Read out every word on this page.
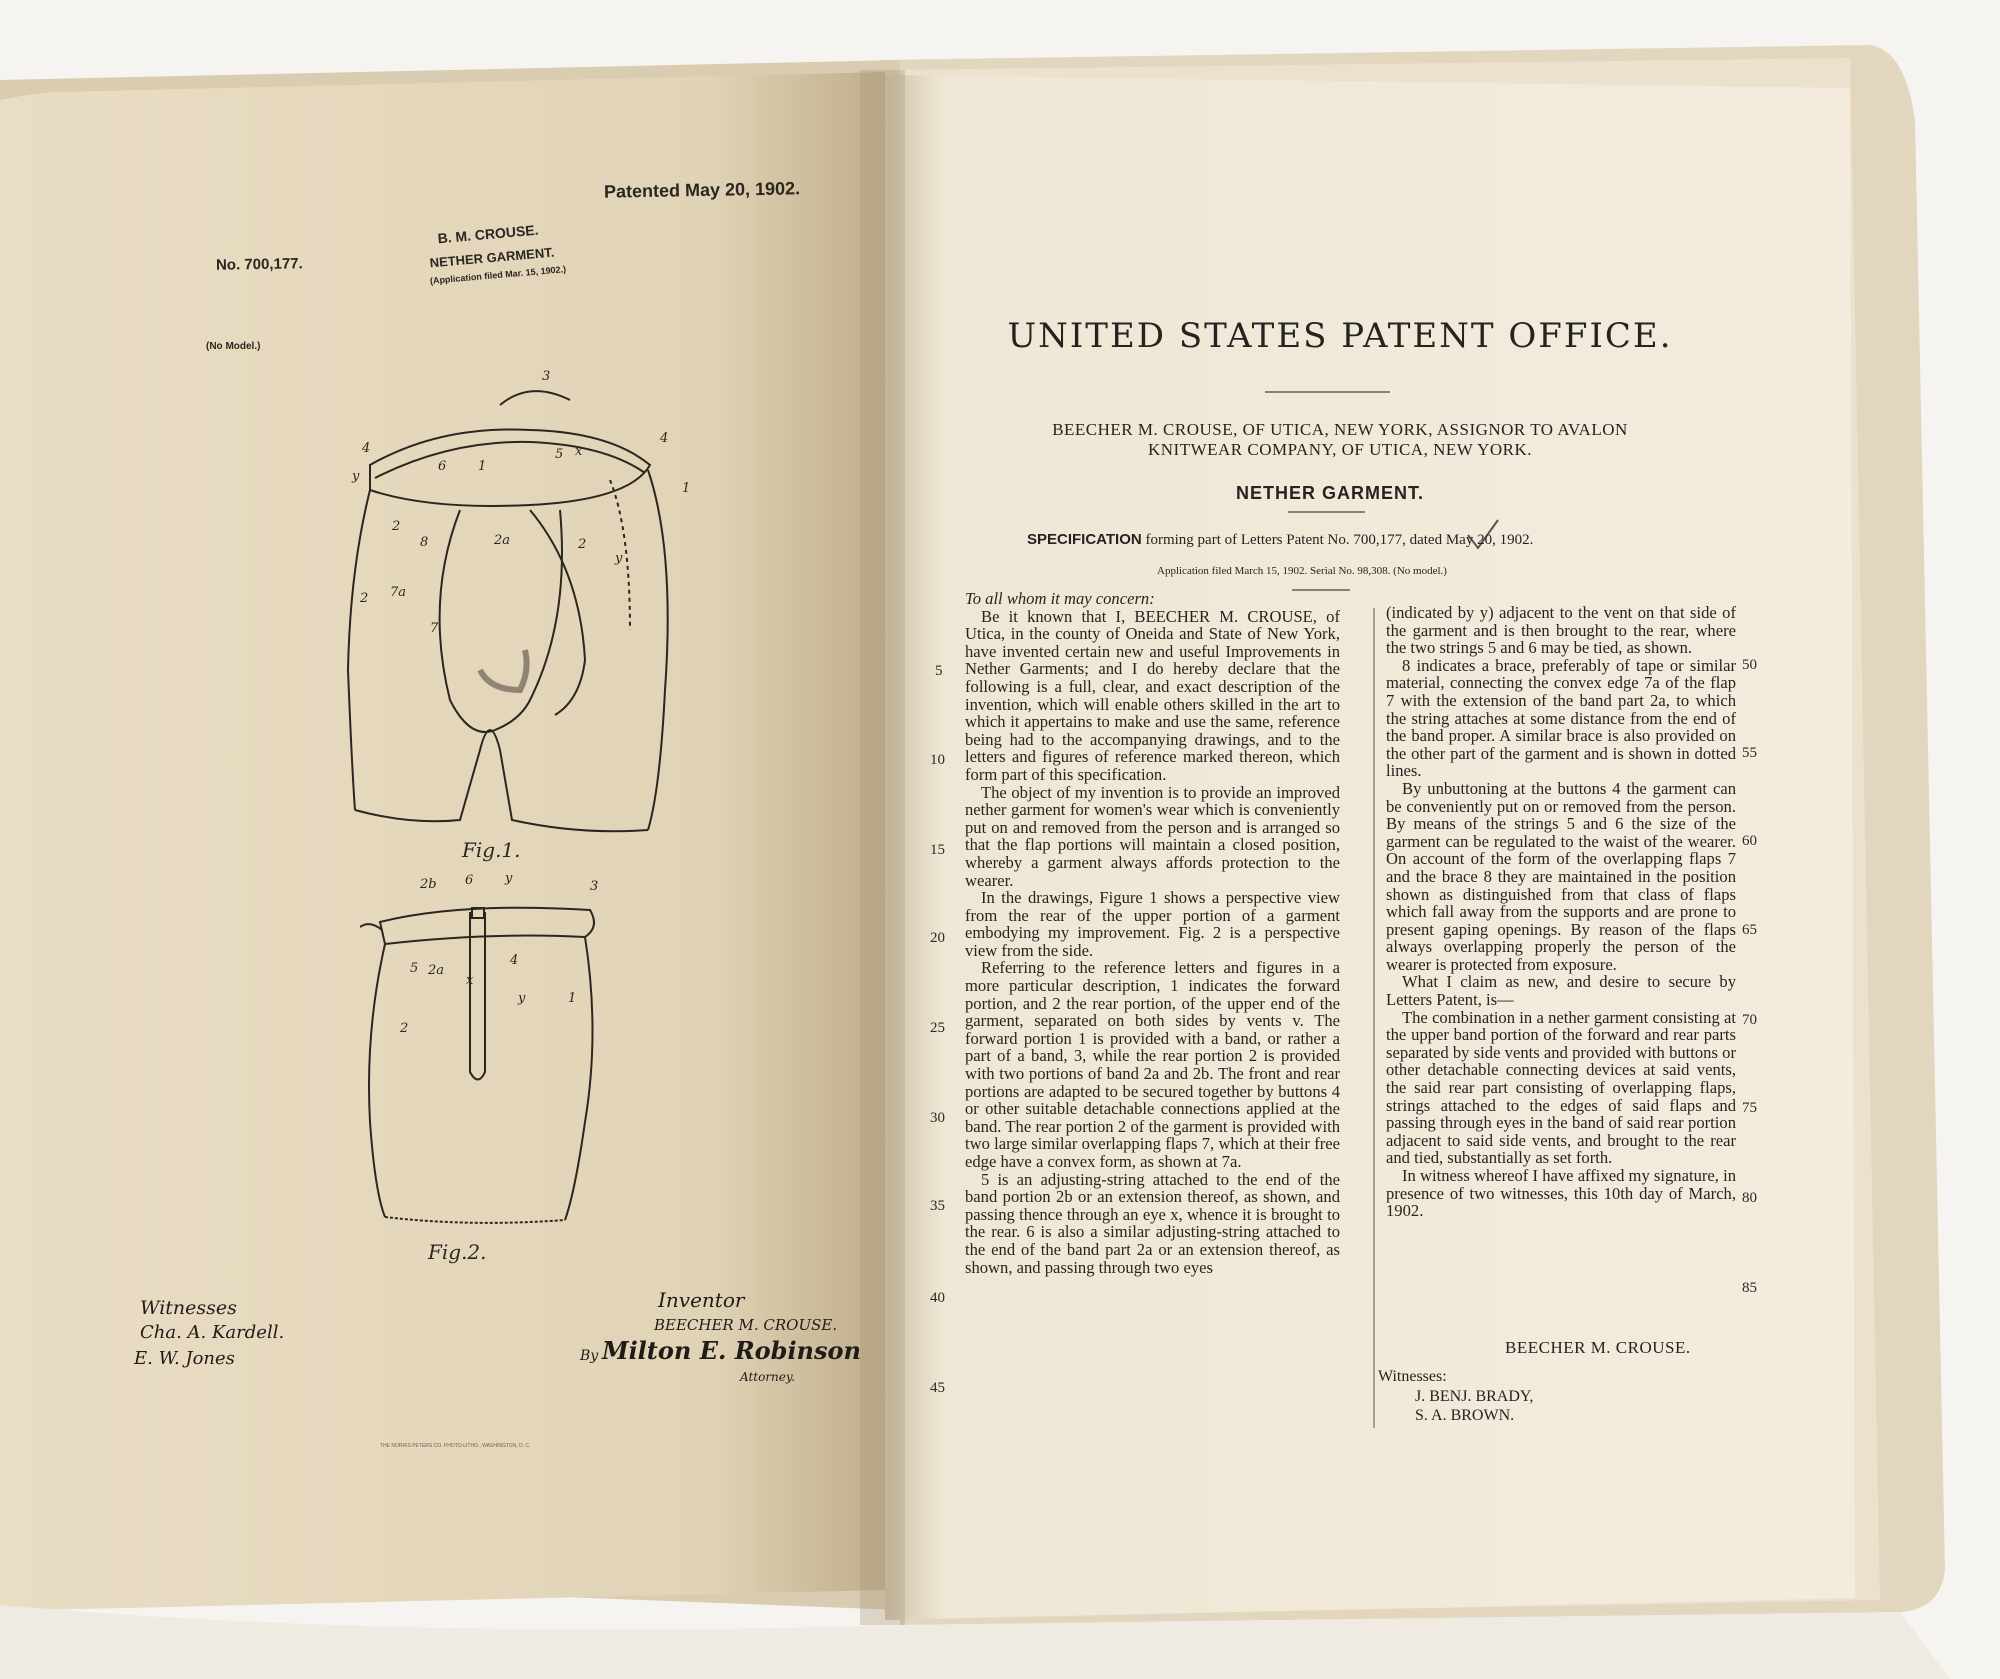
Patented May 20, 1902.
No. 700,177.
B. M. CROUSE.
NETHER GARMENT.
(Application filed Mar. 15, 1902.)
(No Model.)
3
4
4
y
6 1
5 x
1
8	2a	2
2
y
2 7a
7
Fig.1.
2b 6 y
3
5 2a
x
4
y	1
2
Fig.2.
Witnesses
Cha. A. Kardell.
E. W. Jones
Inventor
BEECHER M. CROUSE.
By Milton E. Robinson
Attorney.
THE NORRIS PETERS CO. PHOTO-LITHO., WASHINGTON, D. C.
UNITED STATES PATENT OFFICE.
BEECHER M. CROUSE, OF UTICA, NEW YORK, ASSIGNOR TO AVALON
KNITWEAR COMPANY, OF UTICA, NEW YORK.
NETHER GARMENT.
SPECIFICATION forming part of Letters Patent No. 700,177, dated May 20, 1902.
Application filed March 15, 1902. Serial No. 98,308. (No model.)

To all whom it may concern:

Be it known that I, BEECHER M. CROUSE, of Utica, in the county of Oneida and State of New York, have invented certain new and useful Improvements in Nether Garments; and I do hereby declare that the following is a full, clear, and exact description of the invention, which will enable others skilled in the art to which it appertains to make and use the same, reference being had to the accompanying drawings, and to the letters and figures of reference marked thereon, which form part of this specification.

The object of my invention is to provide an improved nether garment for women's wear which is conveniently put on and removed from the person and is arranged so that the flap portions will maintain a closed position, whereby a garment always affords protection to the wearer.

In the drawings, Figure 1 shows a perspective view from the rear of the upper portion of a garment embodying my improvement. Fig. 2 is a perspective view from the side.

Referring to the reference letters and figures in a more particular description, 1 indicates the forward portion, and 2 the rear portion, of the upper end of the garment, separated on both sides by vents v. The forward portion 1 is provided with a band, or rather a part of a band, 3, while the rear portion 2 is provided with two portions of band 2a and 2b. The front and rear portions are adapted to be secured together by buttons 4 or other suitable detachable connections applied at the band. The rear portion 2 of the garment is provided with two large similar overlapping flaps 7, which at their free edge have a convex form, as shown at 7a.

5 is an adjusting-string attached to the end of the band portion 2b or an extension thereof, as shown, and passing thence through an eye x, whence it is brought to the rear. 6 is also a similar adjusting-string attached to the end of the band part 2a or an extension thereof, as shown, and passing through two eyes

(indicated by y) adjacent to the vent on that side of the garment and is then brought to the rear, where the two strings 5 and 6 may be tied, as shown.

8 indicates a brace, preferably of tape or similar material, connecting the convex edge 7a of the flap 7 with the extension of the band part 2a, to which the string attaches at some distance from the end of the band proper. A similar brace is also provided on the other part of the garment and is shown in dotted lines.

By unbuttoning at the buttons 4 the garment can be conveniently put on or removed from the person. By means of the strings 5 and 6 the size of the garment can be regulated to the waist of the wearer. On account of the form of the overlapping flaps 7 and the brace 8 they are maintained in the position shown as distinguished from that class of flaps which fall away from the supports and are prone to present gaping openings. By reason of the flaps always overlapping properly the person of the wearer is protected from exposure.

What I claim as new, and desire to secure by Letters Patent, is—

The combination in a nether garment consisting at the upper band portion of the forward and rear parts separated by side vents and provided with buttons or other detachable connecting devices at said vents, the said rear part consisting of overlapping flaps, strings attached to the edges of said flaps and passing through eyes in the band of said rear portion adjacent to said side vents, and brought to the rear and tied, substantially as set forth.

In witness whereof I have affixed my signature, in presence of two witnesses, this 10th day of March, 1902.

BEECHER M. CROUSE.
Witnesses:
J. BENJ. BRADY,
S. A. BROWN.
5
10
15
20
25
30
35
40
45
50
55
60
65
70
75
80
85
